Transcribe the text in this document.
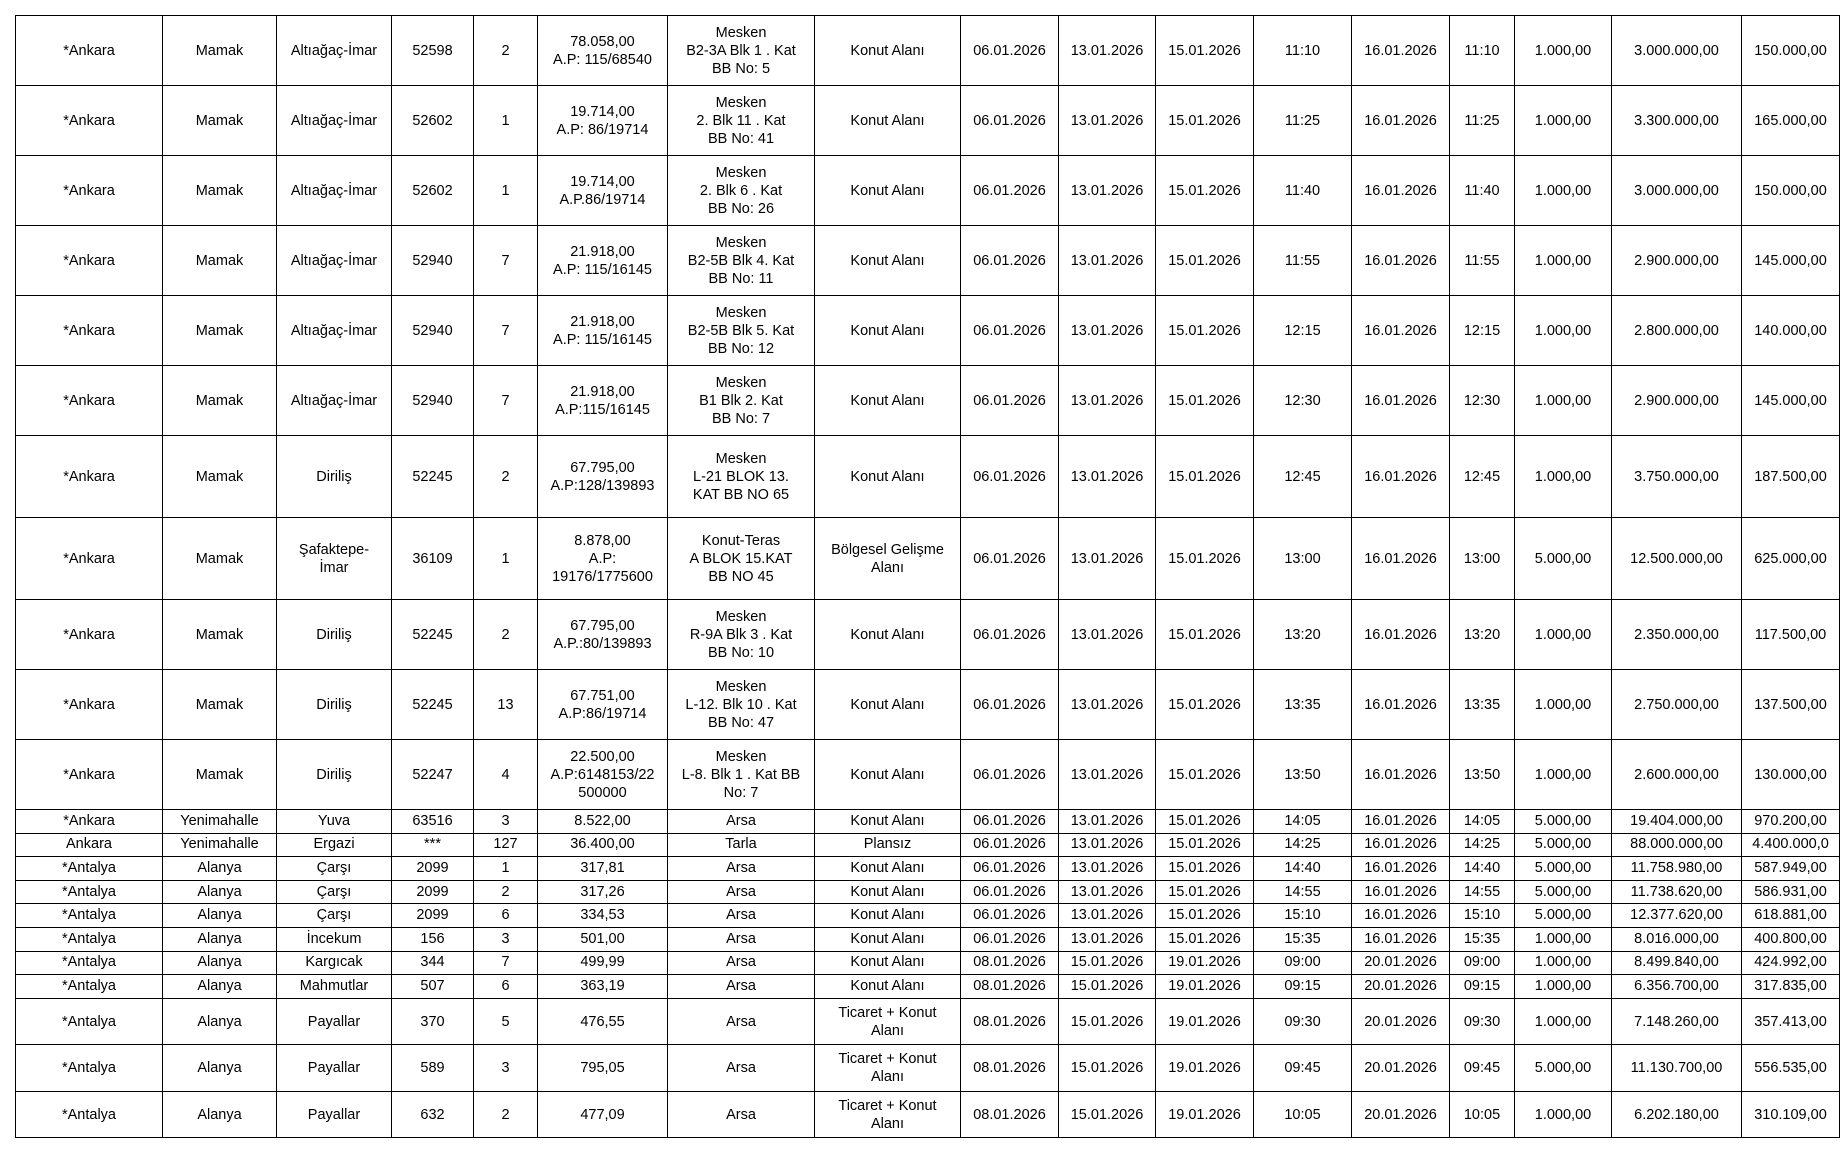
*Ankara	Mamak	Altıağaç-İmar	52598	2	78.058,00
A.P: 115/68540	Mesken
B2-3A Blk 1 . Kat
BB No: 5	Konut Alanı	06.01.2026	13.01.2026	15.01.2026	11:10	16.01.2026	11:10	1.000,00	3.000.000,00	150.000,00
*Ankara	Mamak	Altıağaç-İmar	52602	1	19.714,00
A.P: 86/19714	Mesken
2. Blk 11 . Kat
BB No: 41	Konut Alanı	06.01.2026	13.01.2026	15.01.2026	11:25	16.01.2026	11:25	1.000,00	3.300.000,00	165.000,00
*Ankara	Mamak	Altıağaç-İmar	52602	1	19.714,00
A.P.86/19714	Mesken
2. Blk 6 . Kat
BB No: 26	Konut Alanı	06.01.2026	13.01.2026	15.01.2026	11:40	16.01.2026	11:40	1.000,00	3.000.000,00	150.000,00
*Ankara	Mamak	Altıağaç-İmar	52940	7	21.918,00
A.P: 115/16145	Mesken
B2-5B Blk 4. Kat
BB No: 11	Konut Alanı	06.01.2026	13.01.2026	15.01.2026	11:55	16.01.2026	11:55	1.000,00	2.900.000,00	145.000,00
*Ankara	Mamak	Altıağaç-İmar	52940	7	21.918,00
A.P: 115/16145	Mesken
B2-5B Blk 5. Kat
BB No: 12	Konut Alanı	06.01.2026	13.01.2026	15.01.2026	12:15	16.01.2026	12:15	1.000,00	2.800.000,00	140.000,00
*Ankara	Mamak	Altıağaç-İmar	52940	7	21.918,00
A.P:115/16145	Mesken
B1 Blk 2. Kat
BB No: 7	Konut Alanı	06.01.2026	13.01.2026	15.01.2026	12:30	16.01.2026	12:30	1.000,00	2.900.000,00	145.000,00
*Ankara	Mamak	Diriliş	52245	2	67.795,00
A.P:128/139893	Mesken
L-21 BLOK 13.
KAT BB NO 65	Konut Alanı	06.01.2026	13.01.2026	15.01.2026	12:45	16.01.2026	12:45	1.000,00	3.750.000,00	187.500,00
*Ankara	Mamak	Şafaktepe-
İmar	36109	1	8.878,00
A.P:
19176/1775600	Konut-Teras
A BLOK 15.KAT
BB NO 45	Bölgesel Gelişme
Alanı	06.01.2026	13.01.2026	15.01.2026	13:00	16.01.2026	13:00	5.000,00	12.500.000,00	625.000,00
*Ankara	Mamak	Diriliş	52245	2	67.795,00
A.P.:80/139893	Mesken
R-9A Blk 3 . Kat
BB No: 10	Konut Alanı	06.01.2026	13.01.2026	15.01.2026	13:20	16.01.2026	13:20	1.000,00	2.350.000,00	117.500,00
*Ankara	Mamak	Diriliş	52245	13	67.751,00
A.P:86/19714	Mesken
L-12. Blk 10 . Kat
BB No: 47	Konut Alanı	06.01.2026	13.01.2026	15.01.2026	13:35	16.01.2026	13:35	1.000,00	2.750.000,00	137.500,00
*Ankara	Mamak	Diriliş	52247	4	22.500,00
A.P:6148153/22
500000	Mesken
L-8. Blk 1 . Kat BB
No: 7	Konut Alanı	06.01.2026	13.01.2026	15.01.2026	13:50	16.01.2026	13:50	1.000,00	2.600.000,00	130.000,00
*Ankara	Yenimahalle	Yuva	63516	3	8.522,00	Arsa	Konut Alanı	06.01.2026	13.01.2026	15.01.2026	14:05	16.01.2026	14:05	5.000,00	19.404.000,00	970.200,00
Ankara	Yenimahalle	Ergazi	***	127	36.400,00	Tarla	Plansız	06.01.2026	13.01.2026	15.01.2026	14:25	16.01.2026	14:25	5.000,00	88.000.000,00	4.400.000,0
*Antalya	Alanya	Çarşı	2099	1	317,81	Arsa	Konut Alanı	06.01.2026	13.01.2026	15.01.2026	14:40	16.01.2026	14:40	5.000,00	11.758.980,00	587.949,00
*Antalya	Alanya	Çarşı	2099	2	317,26	Arsa	Konut Alanı	06.01.2026	13.01.2026	15.01.2026	14:55	16.01.2026	14:55	5.000,00	11.738.620,00	586.931,00
*Antalya	Alanya	Çarşı	2099	6	334,53	Arsa	Konut Alanı	06.01.2026	13.01.2026	15.01.2026	15:10	16.01.2026	15:10	5.000,00	12.377.620,00	618.881,00
*Antalya	Alanya	İncekum	156	3	501,00	Arsa	Konut Alanı	06.01.2026	13.01.2026	15.01.2026	15:35	16.01.2026	15:35	1.000,00	8.016.000,00	400.800,00
*Antalya	Alanya	Kargıcak	344	7	499,99	Arsa	Konut Alanı	08.01.2026	15.01.2026	19.01.2026	09:00	20.01.2026	09:00	1.000,00	8.499.840,00	424.992,00
*Antalya	Alanya	Mahmutlar	507	6	363,19	Arsa	Konut Alanı	08.01.2026	15.01.2026	19.01.2026	09:15	20.01.2026	09:15	1.000,00	6.356.700,00	317.835,00
*Antalya	Alanya	Payallar	370	5	476,55	Arsa	Ticaret + Konut
Alanı	08.01.2026	15.01.2026	19.01.2026	09:30	20.01.2026	09:30	1.000,00	7.148.260,00	357.413,00
*Antalya	Alanya	Payallar	589	3	795,05	Arsa	Ticaret + Konut
Alanı	08.01.2026	15.01.2026	19.01.2026	09:45	20.01.2026	09:45	5.000,00	11.130.700,00	556.535,00
*Antalya	Alanya	Payallar	632	2	477,09	Arsa	Ticaret + Konut
Alanı	08.01.2026	15.01.2026	19.01.2026	10:05	20.01.2026	10:05	1.000,00	6.202.180,00	310.109,00
